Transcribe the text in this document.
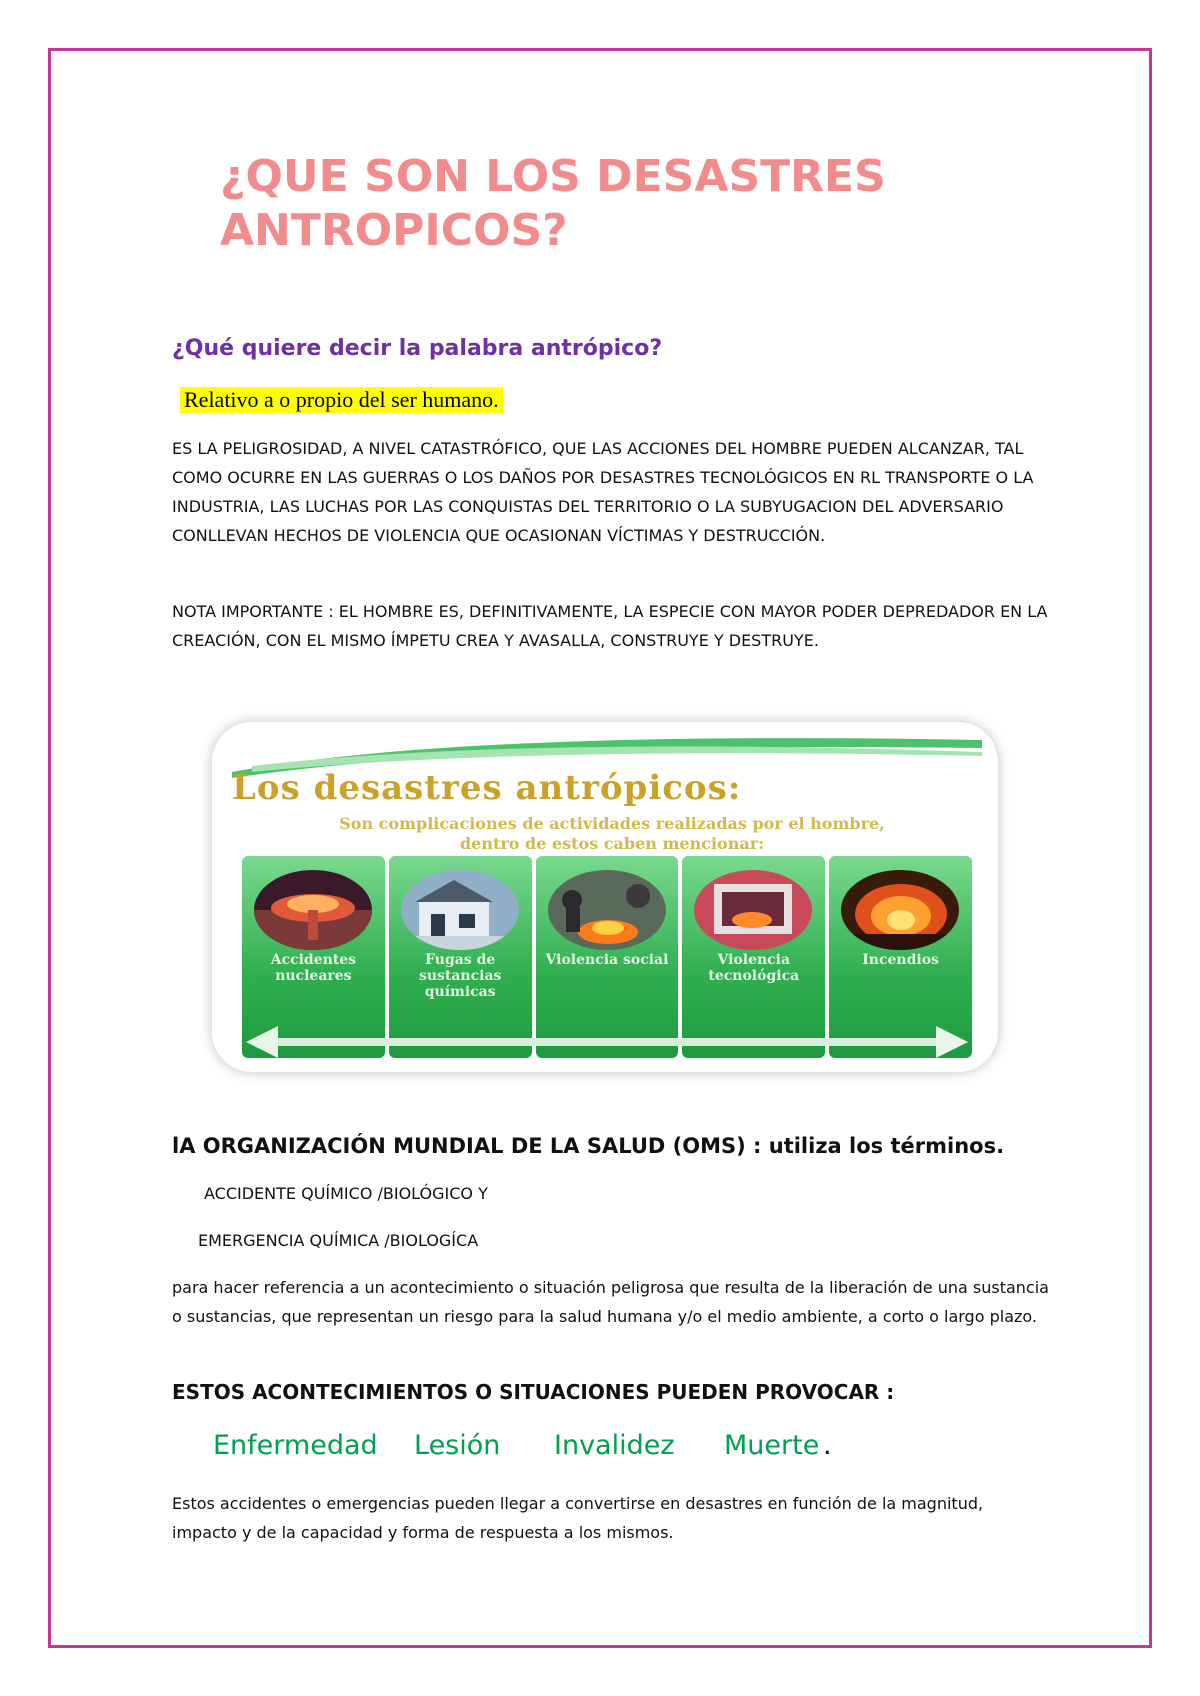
¿QUE SON LOS DESASTRES ANTROPICOS?

¿Qué quiere decir la palabra antrópico?

Relativo a o propio del ser humano.

ES LA PELIGROSIDAD, A NIVEL CATASTRÓFICO, QUE LAS ACCIONES DEL HOMBRE PUEDEN ALCANZAR, TAL COMO OCURRE EN LAS GUERRAS O LOS DAÑOS POR DESASTRES TECNOLÓGICOS EN RL TRANSPORTE O LA INDUSTRIA, LAS LUCHAS POR LAS CONQUISTAS DEL TERRITORIO O LA SUBYUGACION DEL ADVERSARIO CONLLEVAN HECHOS DE VIOLENCIA QUE OCASIONAN VÍCTIMAS Y DESTRUCCIÓN.

NOTA IMPORTANTE : EL HOMBRE ES, DEFINITIVAMENTE, LA ESPECIE CON MAYOR PODER DEPREDADOR EN LA CREACIÓN, CON EL MISMO ÍMPETU CREA Y AVASALLA, CONSTRUYE Y DESTRUYE.

Los desastres antrópicos:

Son complicaciones de actividades realizadas por el hombre, dentro de estos caben mencionar:

Accidentes nucleares

Fugas de sustancias químicas

Violencia social	Violencia tecnológica

Incendios

lA ORGANIZACIÓN MUNDIAL DE LA SALUD (OMS) : utiliza los términos.

ACCIDENTE QUÍMICO /BIOLÓGICO Y

EMERGENCIA QUÍMICA /BIOLOGÍCA

para hacer referencia a un acontecimiento o situación peligrosa que resulta de la liberación de una sustancia o sustancias, que representan un riesgo para la salud humana y/o el medio ambiente, a corto o largo plazo.

ESTOS ACONTECIMIENTOS O SITUACIONES PUEDEN PROVOCAR :

Enfermedad Lesión Invalidez Muerte .

Estos accidentes o emergencias pueden llegar a convertirse en desastres en función de la magnitud, impacto y de la capacidad y forma de respuesta a los mismos.
